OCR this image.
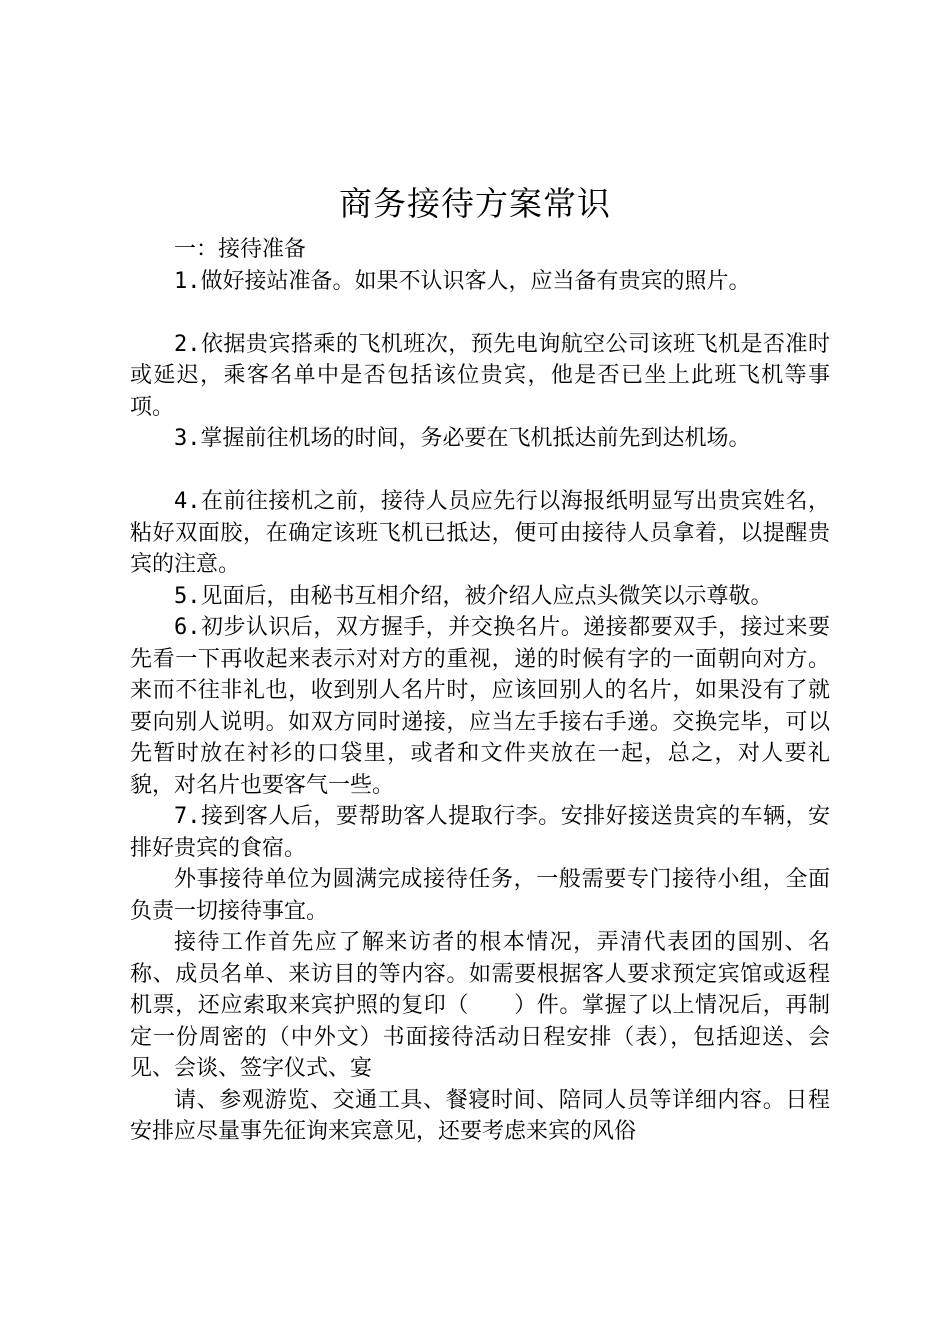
商务接待方案常识

一：接待准备

1.做好接站准备。如果不认识客人，应当备有贵宾的照片。

2.依据贵宾搭乘的飞机班次，预先电询航空公司该班飞机是否准时或延迟，乘客名单中是否包括该位贵宾，他是否已坐上此班飞机等事项。

3.掌握前往机场的时间，务必要在飞机抵达前先到达机场。

4.在前往接机之前，接待人员应先行以海报纸明显写出贵宾姓名，粘好双面胶，在确定该班飞机已抵达，便可由接待人员拿着，以提醒贵宾的注意。

5.见面后，由秘书互相介绍，被介绍人应点头微笑以示尊敬。

6.初步认识后，双方握手，并交换名片。递接都要双手，接过来要先看一下再收起来表示对对方的重视，递的时候有字的一面朝向对方。来而不往非礼也，收到别人名片时，应该回别人的名片，如果没有了就要向别人说明。如双方同时递接，应当左手接右手递。交换完毕，可以先暂时放在衬衫的口袋里，或者和文件夹放在一起，总之，对人要礼貌，对名片也要客气一些。

7.接到客人后，要帮助客人提取行李。安排好接送贵宾的车辆，安排好贵宾的食宿。

外事接待单位为圆满完成接待任务，一般需要专门接待小组，全面负责一切接待事宜。

接待工作首先应了解来访者的根本情况，弄清代表团的国别、名称、成员名单、来访目的等内容。如需要根据客人要求预定宾馆或返程机票，还应索取来宾护照的复印（　　）件。掌握了以上情况后，再制定一份周密的（中外文）书面接待活动日程安排（表），包括迎送、会见、会谈、签字仪式、宴

请、参观游览、交通工具、餐寝时间、陪同人员等详细内容。日程安排应尽量事先征询来宾意见，还要考虑来宾的风俗
